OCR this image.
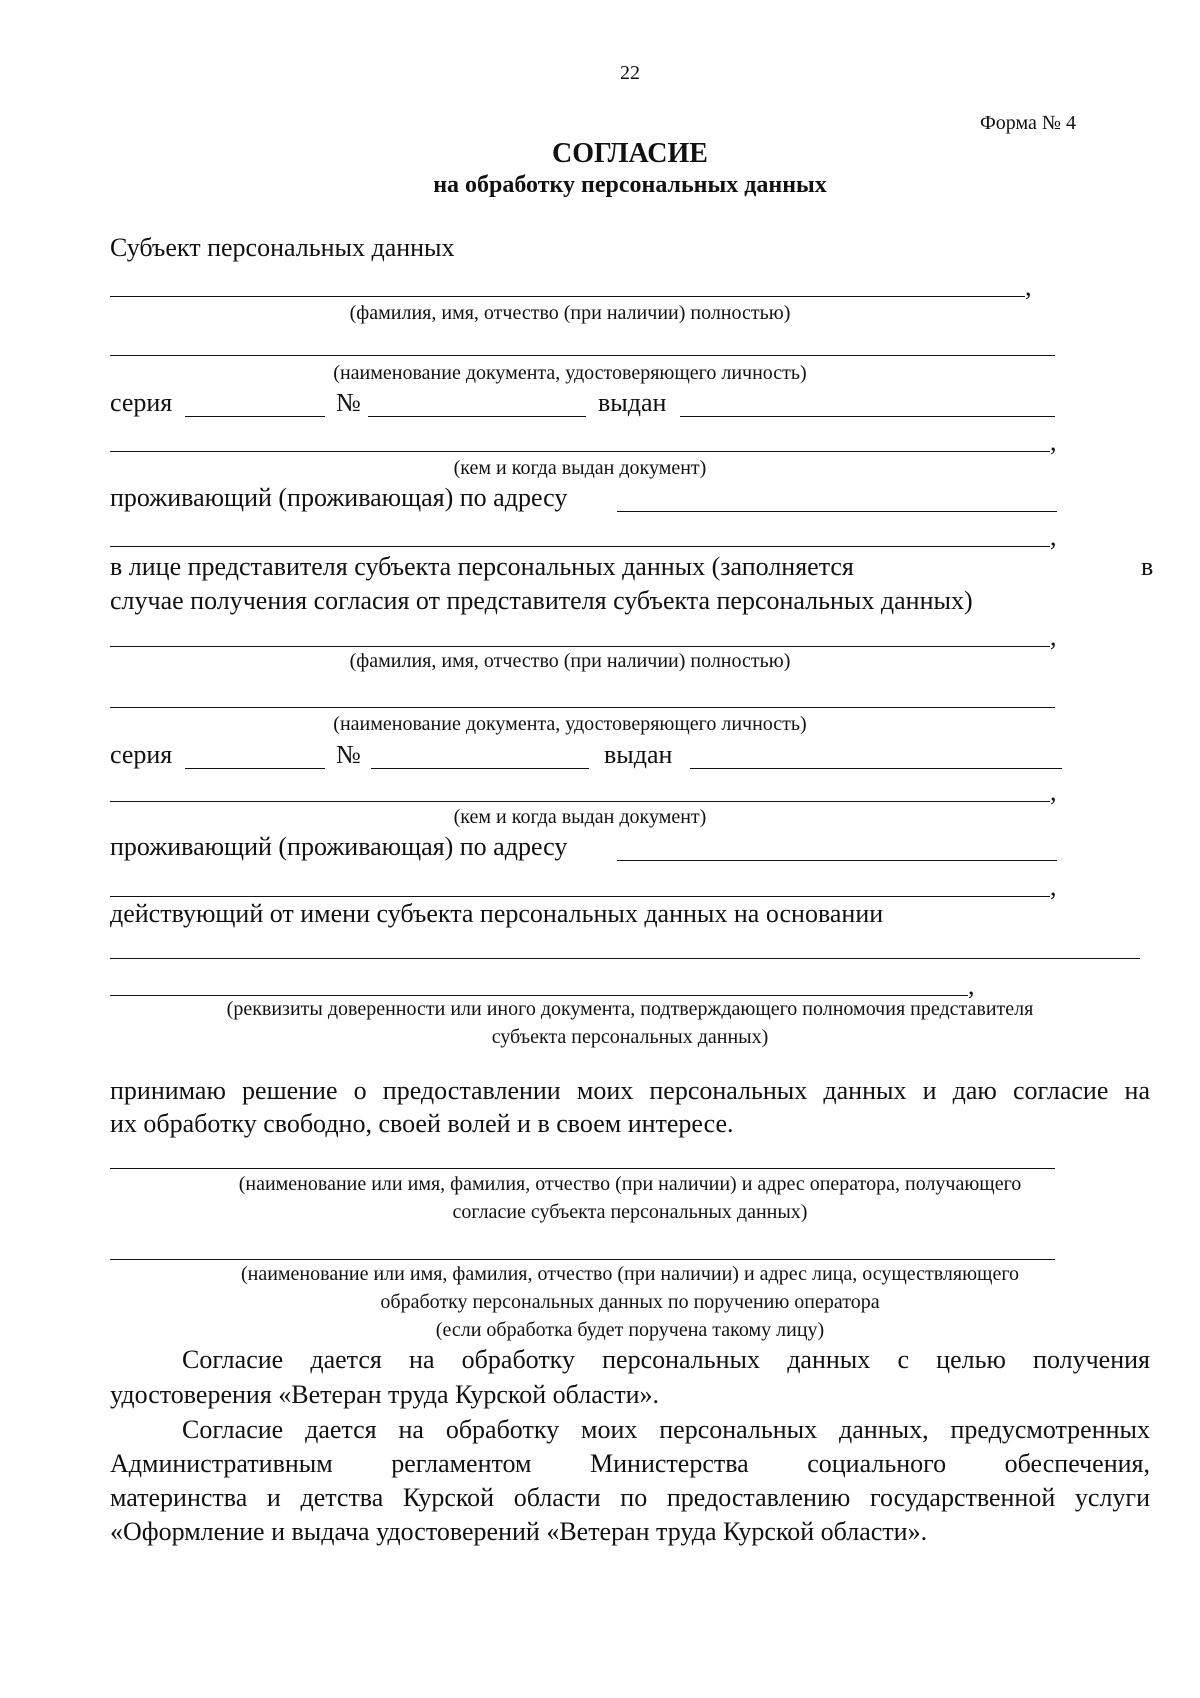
22
Форма № 4
СОГЛАСИЕ
на обработку персональных данных
Субъект персональных данных
,
(фамилия, имя, отчество (при наличии) полностью)
(наименование документа, удостоверяющего личность)
серия	№	выдан
,
(кем и когда выдан документ)
проживающий (проживающая) по адресу
,
в лице представителя субъекта персональных данных (заполняется	в
случае получения согласия от представителя субъекта персональных данных)
,
(фамилия, имя, отчество (при наличии) полностью)
(наименование документа, удостоверяющего личность)
серия	№	выдан
,
(кем и когда выдан документ)
проживающий (проживающая) по адресу
,
действующий от имени субъекта персональных данных на основании
,
(реквизиты доверенности или иного документа, подтверждающего полномочия представителя
субъекта персональных данных)
принимаю решение о предоставлении моих персональных данных и даю согласие на
их обработку свободно, своей волей и в своем интересе.
(наименование или имя, фамилия, отчество (при наличии) и адрес оператора, получающего
согласие субъекта персональных данных)
(наименование или имя, фамилия, отчество (при наличии) и адрес лица, осуществляющего
обработку персональных данных по поручению оператора
(если обработка будет поручена такому лицу)
Согласие дается на обработку персональных данных с целью получения
удостоверения «Ветеран труда Курской области».
Согласие дается на обработку моих персональных данных, предусмотренных
Административным регламентом Министерства социального обеспечения,
материнства и детства Курской области по предоставлению государственной услуги
«Оформление и выдача удостоверений «Ветеран труда Курской области».
